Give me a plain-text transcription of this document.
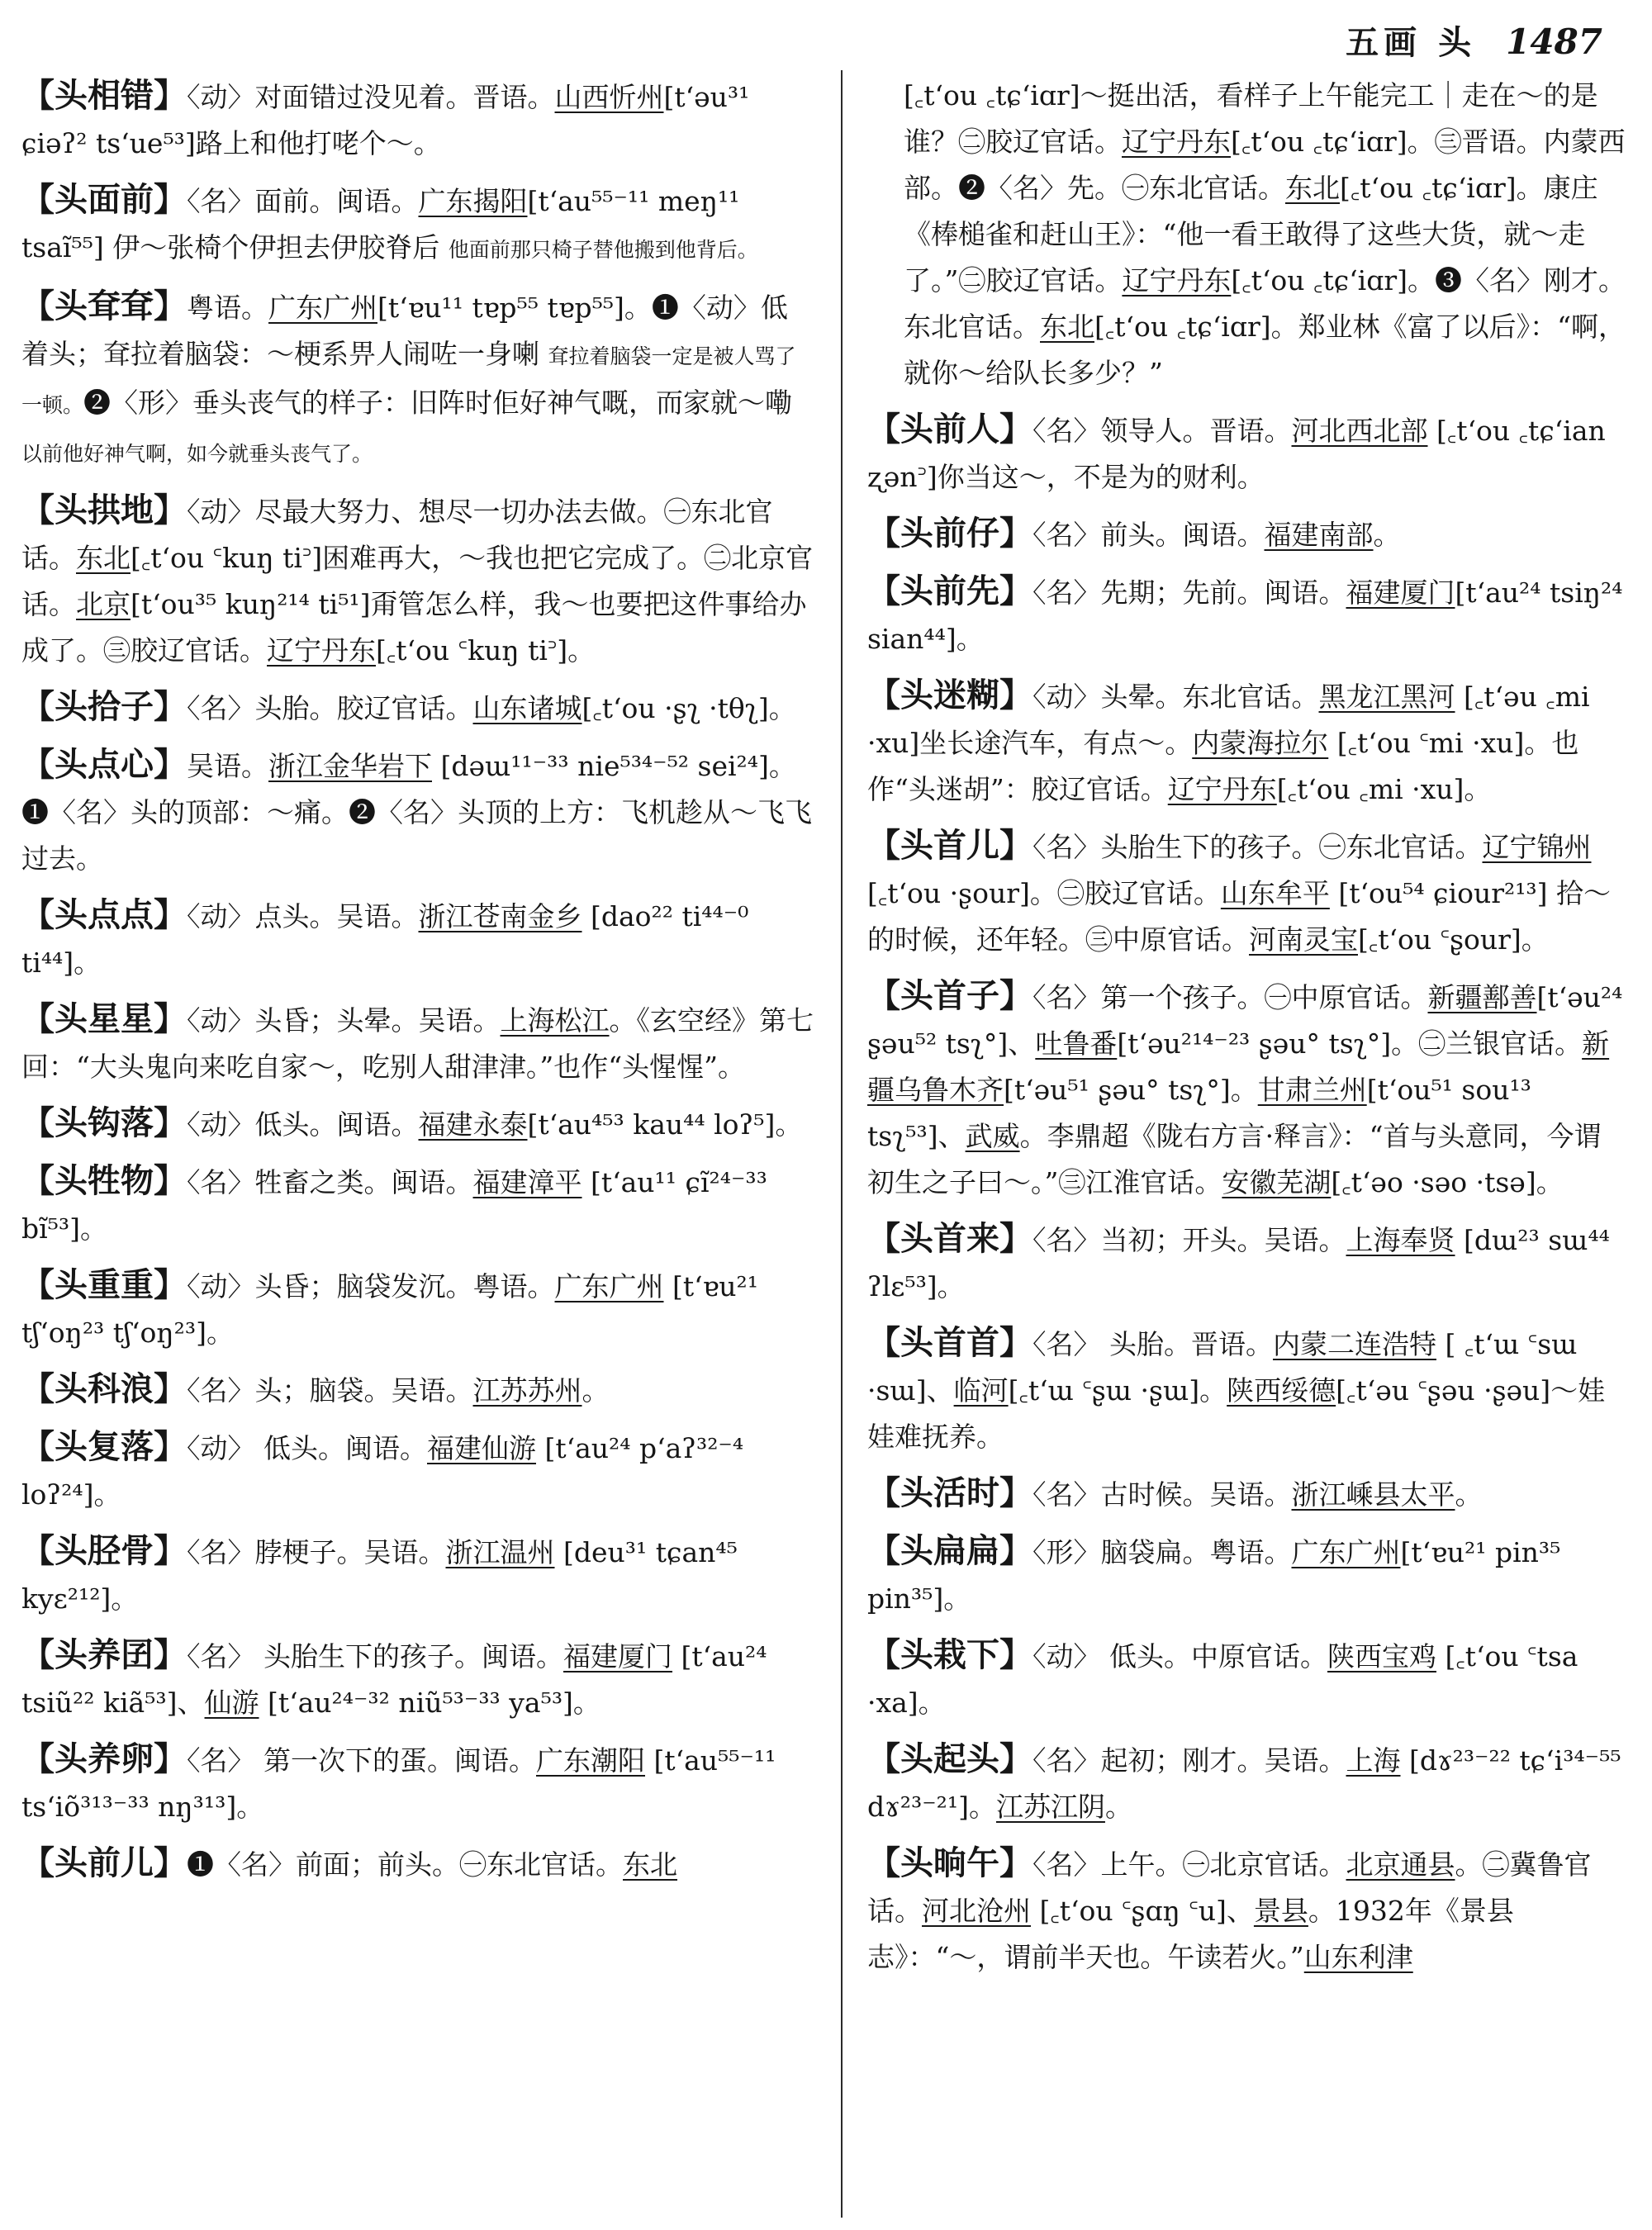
五画 头 1487

【头相错】〈动〉对面错过没见着。晋语。山西忻州[tʻəu³¹ ɕiəʔ² tsʻue⁵³]路上和他打咾个～。

【头面前】〈名〉面前。闽语。广东揭阳[tʻau⁵⁵⁻¹¹ meŋ¹¹ tsaĩ⁵⁵] 伊～张椅个伊担去伊胶脊后 他面前那只椅子替他搬到他背后。

【头耷耷】粤语。广东广州[tʻɐu¹¹ tɐp⁵⁵ tɐp⁵⁵]。❶〈动〉低着头；耷拉着脑袋：～梗系畀人闹咗一身喇 耷拉着脑袋一定是被人骂了一顿。❷〈形〉垂头丧气的样子：旧阵时佢好神气嘅，而家就～嘞 以前他好神气啊，如今就垂头丧气了。

【头拱地】〈动〉尽最大努力、想尽一切办法去做。㊀东北官话。东北[꜀tʻou ꜂kuŋ ti꜄]困难再大，～我也把它完成了。㊁北京官话。北京[tʻou³⁵ kuŋ²¹⁴ ti⁵¹]甭管怎么样，我～也要把这件事给办成了。㊂胶辽官话。辽宁丹东[꜀tʻou ꜂kuŋ ti꜄]。

【头拾子】〈名〉头胎。胶辽官话。山东诸城[꜀tʻou ·ʂʅ ·tθʅ]。

【头点心】吴语。浙江金华岩下 [dəɯ¹¹⁻³³ nie⁵³⁴⁻⁵² sei²⁴]。❶〈名〉头的顶部：～痛。❷〈名〉头顶的上方：飞机趁从～飞飞过去。

【头点点】〈动〉点头。吴语。浙江苍南金乡 [dao²² ti⁴⁴⁻⁰ ti⁴⁴]。

【头星星】〈动〉头昏；头晕。吴语。上海松江。《玄空经》第七回：“大头鬼向来吃自家～，吃别人甜津津。”也作“头惺惺”。

【头钩落】〈动〉低头。闽语。福建永泰[tʻau⁴⁵³ kau⁴⁴ loʔ⁵]。

【头牲物】〈名〉牲畜之类。闽语。福建漳平 [tʻau¹¹ ɕĩ²⁴⁻³³ bĩ⁵³]。

【头重重】〈动〉头昏；脑袋发沉。粤语。广东广州 [tʻɐu²¹ tʃʻoŋ²³ tʃʻoŋ²³]。

【头科浪】〈名〉头；脑袋。吴语。江苏苏州。

【头复落】〈动〉 低头。闽语。福建仙游 [tʻau²⁴ pʻaʔ³²⁻⁴ loʔ²⁴]。

【头胫骨】〈名〉脖梗子。吴语。浙江温州 [deu³¹ tɕan⁴⁵ kyɛ²¹²]。

【头养囝】〈名〉 头胎生下的孩子。闽语。福建厦门 [tʻau²⁴ tsiũ²² kiã⁵³]、仙游 [tʻau²⁴⁻³² niũ⁵³⁻³³ ya⁵³]。

【头养卵】〈名〉 第一次下的蛋。闽语。广东潮阳 [tʻau⁵⁵⁻¹¹ tsʻiõ³¹³⁻³³ nŋ³¹³]。

【头前儿】❶〈名〉前面；前头。㊀东北官话。东北

[꜀tʻou ꜀tɕʻiɑr]～挺出活，看样子上午能完工｜走在～的是谁？㊁胶辽官话。辽宁丹东[꜀tʻou ꜀tɕʻiɑr]。㊂晋语。内蒙西部。❷〈名〉先。㊀东北官话。东北[꜀tʻou ꜀tɕʻiɑr]。康庄《棒槌雀和赶山王》：“他一看王敢得了这些大货，就～走了。”㊁胶辽官话。辽宁丹东[꜀tʻou ꜀tɕʻiɑr]。❸〈名〉刚才。东北官话。东北[꜀tʻou ꜀tɕʻiɑr]。郑业林《富了以后》：“啊，就你～给队长多少？”

【头前人】〈名〉领导人。晋语。河北西北部 [꜀tʻou ꜀tɕʻian ʐən꜄]你当这～，不是为的财利。

【头前仔】〈名〉前头。闽语。福建南部。

【头前先】〈名〉先期；先前。闽语。福建厦门[tʻau²⁴ tsiŋ²⁴ sian⁴⁴]。

【头迷糊】〈动〉头晕。东北官话。黑龙江黑河 [꜀tʻəu ꜀mi ·xu]坐长途汽车，有点～。内蒙海拉尔 [꜀tʻou ꜂mi ·xu]。也作“头迷胡”：胶辽官话。辽宁丹东[꜀tʻou ꜀mi ·xu]。

【头首儿】〈名〉头胎生下的孩子。㊀东北官话。辽宁锦州[꜀tʻou ·ʂour]。㊁胶辽官话。山东牟平 [tʻou⁵⁴ ɕiour²¹³] 拾～的时候，还年轻。㊂中原官话。河南灵宝[꜀tʻou ꜂ʂour]。

【头首子】〈名〉第一个孩子。㊀中原官话。新疆鄯善[tʻəu²⁴ ʂəu⁵² tsʅ°]、吐鲁番[tʻəu²¹⁴⁻²³ ʂəu° tsʅ°]。㊁兰银官话。新疆乌鲁木齐[tʻəu⁵¹ ʂəu° tsʅ°]。甘肃兰州[tʻou⁵¹ sou¹³ tsʅ⁵³]、武威。李鼎超《陇右方言·释言》：“首与头意同，今谓初生之子曰～。”㊂江淮官话。安徽芜湖[꜀tʻəo ·səo ·tsə]。

【头首来】〈名〉当初；开头。吴语。上海奉贤 [dɯ²³ sɯ⁴⁴ ʔlɛ⁵³]。

【头首首】〈名〉 头胎。晋语。内蒙二连浩特 [ ꜀tʻɯ ꜂sɯ ·sɯ]、临河[꜀tʻɯ ꜂ʂɯ ·ʂɯ]。陕西绥德[꜀tʻəu ꜂ʂəu ·ʂəu]～娃娃难抚养。

【头活时】〈名〉古时候。吴语。浙江嵊县太平。

【头扁扁】〈形〉脑袋扁。粤语。广东广州[tʻɐu²¹ pin³⁵ pin³⁵]。

【头栽下】〈动〉 低头。中原官话。陕西宝鸡 [꜀tʻou ꜂tsa ·xa]。

【头起头】〈名〉起初；刚才。吴语。上海 [dɤ²³⁻²² tɕʻi³⁴⁻⁵⁵ dɤ²³⁻²¹]。江苏江阴。

【头晌午】〈名〉上午。㊀北京官话。北京通县。㊁冀鲁官话。河北沧州 [꜀tʻou ꜂ʂɑŋ ꜂u]、景县。1932年《景县志》：“～，谓前半天也。午读若火。”山东利津
